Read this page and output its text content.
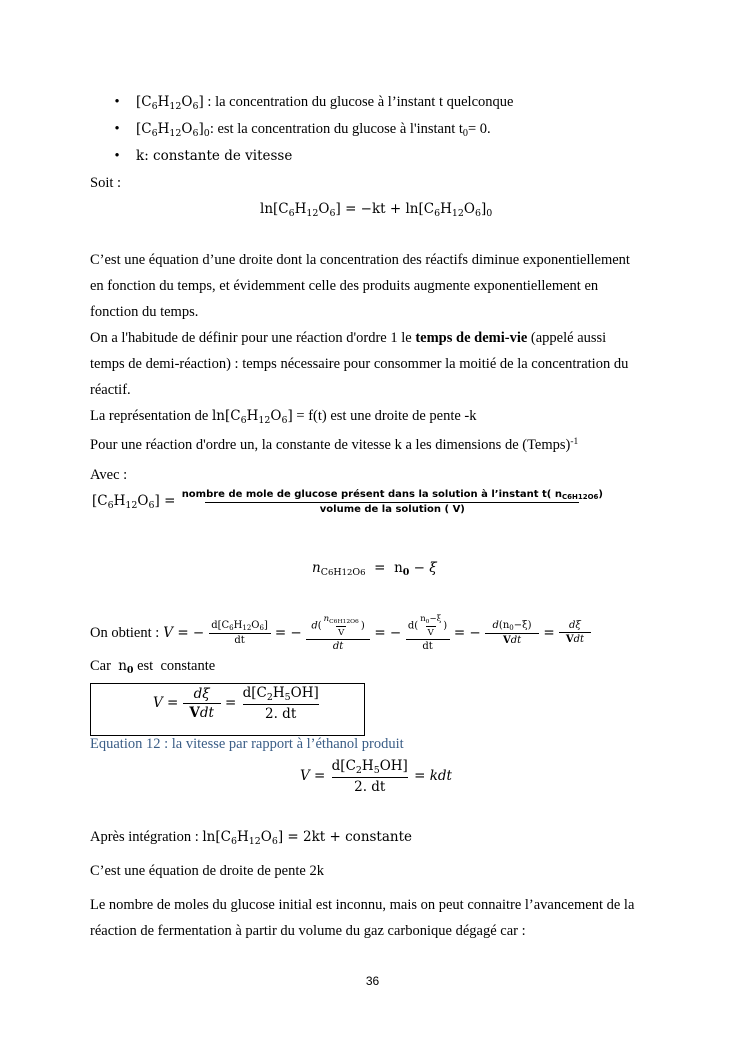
• $[C_6H_{12}O_6]$ : la concentration du glucose à l’instant t quelconque
• $[C_6H_{12}O_6]_0$: est la concentration du glucose à l'instant $t_0= 0$.
• k: constante de vitesse
Soit :
$\ln[C_6H_{12}O_6] = -kt + \ln[C_6H_{12}O_6]_0$
C’est une équation d’une droite dont la concentration des réactifs diminue exponentiellement
en fonction du temps, et évidemment celle des produits augmente exponentiellement en
fonction du temps.
On a l'habitude de définir pour une réaction d'ordre 1 le temps de demi-vie (appelé aussi
temps de demi-réaction) : temps nécessaire pour consommer la moitié de la concentration du
réactif.
La représentation de $\ln[C_6H_{12}O_6] = f(t)$ est une droite de pente -k
Pour une réaction d'ordre un, la constante de vitesse k a les dimensions de (Temps)$^{-1}$
Avec :
$[C_6H_{12}O_6]$ = nombre de mole de glucose présent dans la solution à l’instant t( $n_{C6H12O6}$)
volume de la solution ( V)
$n_{C6H12O6} = n_0 - \xi$
On obtient : V = − $\frac{d[C_6H_{12}O_6]}{dt}$ = − $\frac{d( \frac{n_{C6H12O6}}{V} )}{dt}$ = − $\frac{d( \frac{n_0-\xi}{V} )}{dt}$ = − $\frac{d(n_0-\xi)}{\text{Vdt}} = \frac{d\xi}{\text{Vdt}}$
Car  $n_0$ est  constante
$V = \frac{d\xi}{\text{Vdt}} = \frac{d[C_2H_5OH]}{2. dt}$
Equation 12 : la vitesse par rapport à l’éthanol produit
$V = \frac{d[C_2H_5OH]}{2. dt}$ = kdt
Après intégration : $\ln[C_6H_{12}O_6] = 2kt$ + constante
C’est une équation de droite de pente 2k
Le nombre de moles du glucose initial est inconnu, mais on peut connaitre l’avancement de la
réaction de fermentation à partir du volume du gaz carbonique dégagé car :
36
